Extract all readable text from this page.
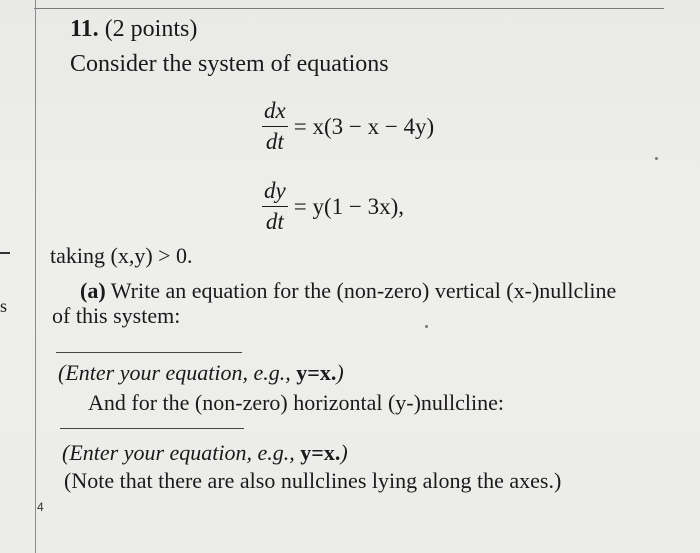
s
4
11. (2 points)
Consider the system of equations
$\frac{dx}{dt} = x(3 - x - 4y)$
$\frac{dy}{dt} = y(1 - 3x)$,
taking (x,y) > 0.
(a) Write an equation for the (non-zero) vertical (x-)nullcline
of this system:
(Enter your equation, e.g., y=x.)
And for the (non-zero) horizontal (y-)nullcline:
(Enter your equation, e.g., y=x.)
(Note that there are also nullclines lying along the axes.)
